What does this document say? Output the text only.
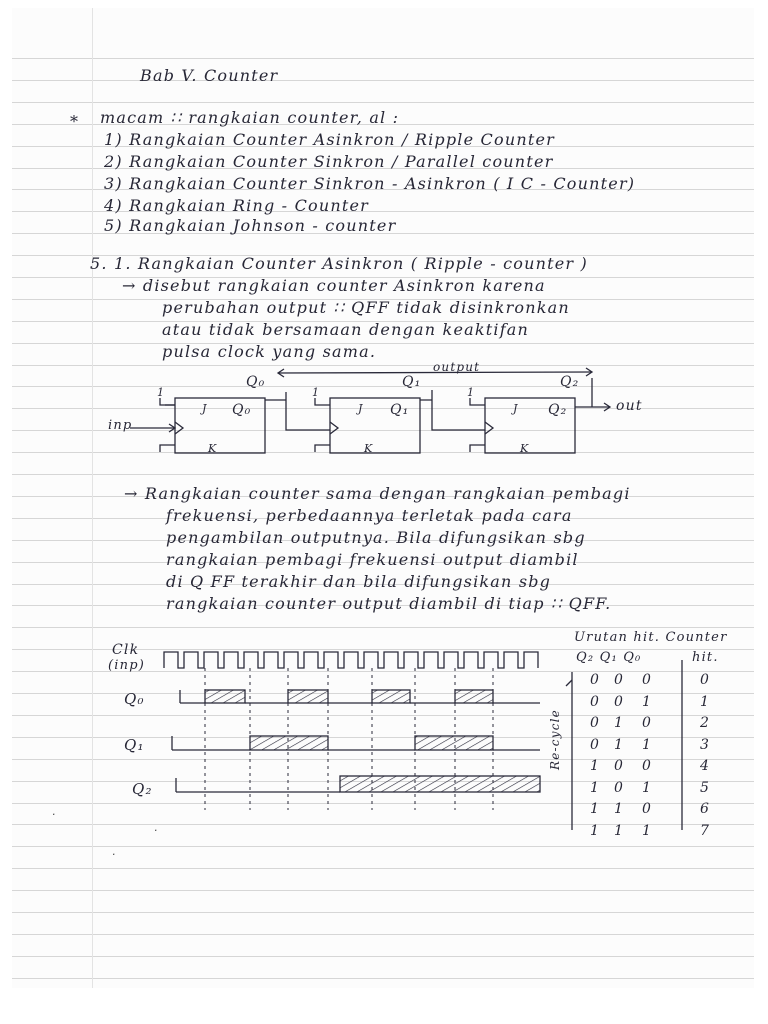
Bab V. Counter
* macam ∷ rangkaian counter, al :
1) Rangkaian Counter Asinkron / Ripple Counter
2) Rangkaian Counter Sinkron / Parallel counter
3) Rangkaian Counter Sinkron - Asinkron ( I C - Counter)
4) Rangkaian Ring - Counter
5) Rangkaian Johnson - counter
5. 1. Rangkaian Counter Asinkron ( Ripple - counter )
→ disebut rangkaian counter Asinkron karena
perubahan output ∷ QFF tidak disinkronkan
atau tidak bersamaan dengan keaktifan
pulsa clock yang sama.
output
inp
out
Q₀	Q₁	Q₂
Q₀	Q₁	Q₂
J	J	J
K	K	K
1	1	1
→ Rangkaian counter sama dengan rangkaian pembagi
frekuensi, perbedaannya terletak pada cara
pengambilan outputnya. Bila difungsikan sbg
rangkaian pembagi frekuensi output diambil
di Q FF terakhir dan bila difungsikan sbg
rangkaian counter output diambil di tiap ∷ QFF.
Clk
(inp)
Q₀
Q₁
Q₂
Urutan hit. Counter
Q₂ Q₁ Q₀	hit.
Re-cycle
0 0 0	0
0 0 1	1
0 1 0	2
0 1 1	3
1 0 0	4
1 0 1	5
1 1 0	6
1 1 1	7
·
·
·
